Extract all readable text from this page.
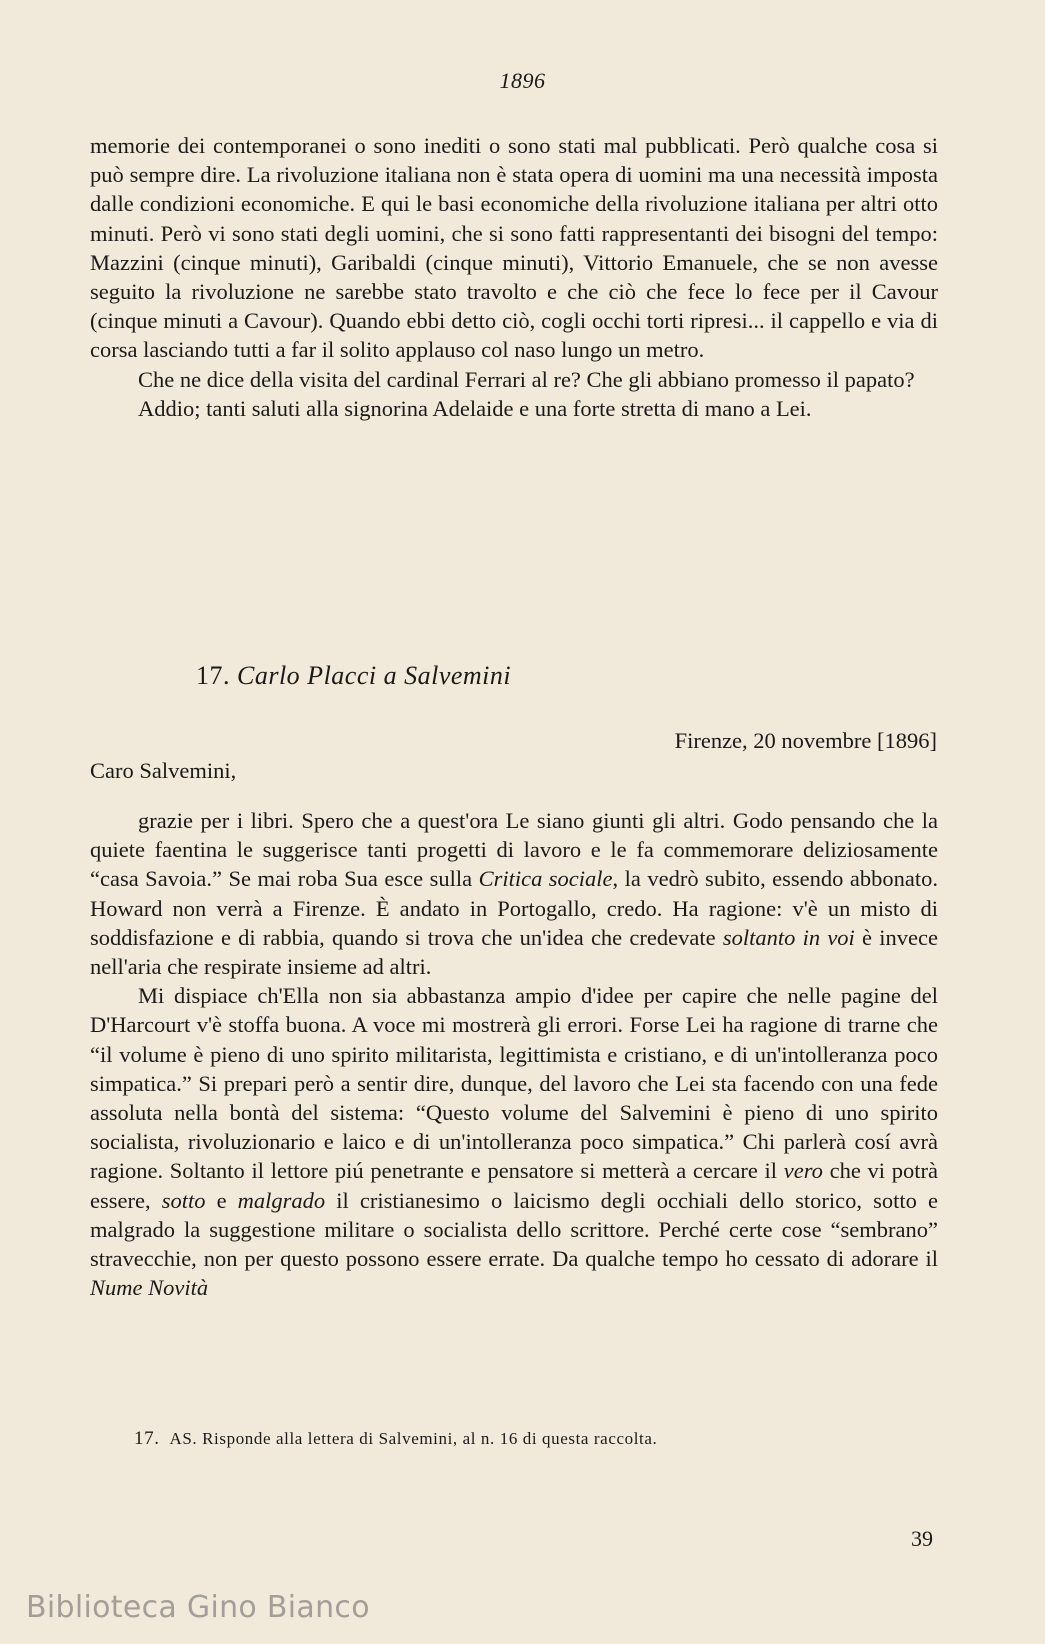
1896

memorie dei contemporanei o sono inediti o sono stati mal pubblicati. Però qualche cosa si può sempre dire. La rivoluzione italiana non è stata opera di uomini ma una necessità imposta dalle condizioni economiche. E qui le basi economiche della rivoluzione italiana per altri otto minuti. Però vi sono stati degli uomini, che si sono fatti rappresentanti dei bisogni del tempo: Mazzini (cinque minuti), Garibaldi (cinque minuti), Vittorio Emanuele, che se non avesse seguito la rivoluzione ne sarebbe stato travolto e che ciò che fece lo fece per il Cavour (cinque minuti a Cavour). Quando ebbi detto ciò, cogli occhi torti ripresi... il cappello e via di corsa lasciando tutti a far il solito applauso col naso lungo un metro.

Che ne dice della visita del cardinal Ferrari al re? Che gli abbiano promesso il papato?

Addio; tanti saluti alla signorina Adelaide e una forte stretta di mano a Lei.

17. Carlo Placci a Salvemini
Firenze, 20 novembre [1896]
Caro Salvemini,

grazie per i libri. Spero che a quest'ora Le siano giunti gli altri. Godo pensando che la quiete faentina le suggerisce tanti progetti di lavoro e le fa commemorare deliziosamente “casa Savoia.” Se mai roba Sua esce sulla Critica sociale, la vedrò subito, essendo abbonato. Howard non verrà a Firenze. È andato in Portogallo, credo. Ha ragione: v'è un misto di soddisfazione e di rabbia, quando si trova che un'idea che credevate soltanto in voi è invece nell'aria che respirate insieme ad altri.

Mi dispiace ch'Ella non sia abbastanza ampio d'idee per capire che nelle pagine del D'Harcourt v'è stoffa buona. A voce mi mostrerà gli errori. Forse Lei ha ragione di trarne che “il volume è pieno di uno spirito militarista, legittimista e cristiano, e di un'intolleranza poco simpatica.” Si prepari però a sentir dire, dunque, del lavoro che Lei sta facendo con una fede assoluta nella bontà del sistema: “Questo volume del Salvemini è pieno di uno spirito socialista, rivoluzionario e laico e di un'intolleranza poco simpatica.” Chi parlerà cosí avrà ragione. Soltanto il lettore piú penetrante e pensatore si metterà a cercare il vero che vi potrà essere, sotto e malgrado il cristianesimo o laicismo degli occhiali dello storico, sotto e malgrado la suggestione militare o socialista dello scrittore. Perché certe cose “sembrano” stravecchie, non per questo possono essere errate. Da qualche tempo ho cessato di adorare il Nume Novità

17. AS. Risponde alla lettera di Salvemini, al n. 16 di questa raccolta.
39
Biblioteca Gino Bianco
